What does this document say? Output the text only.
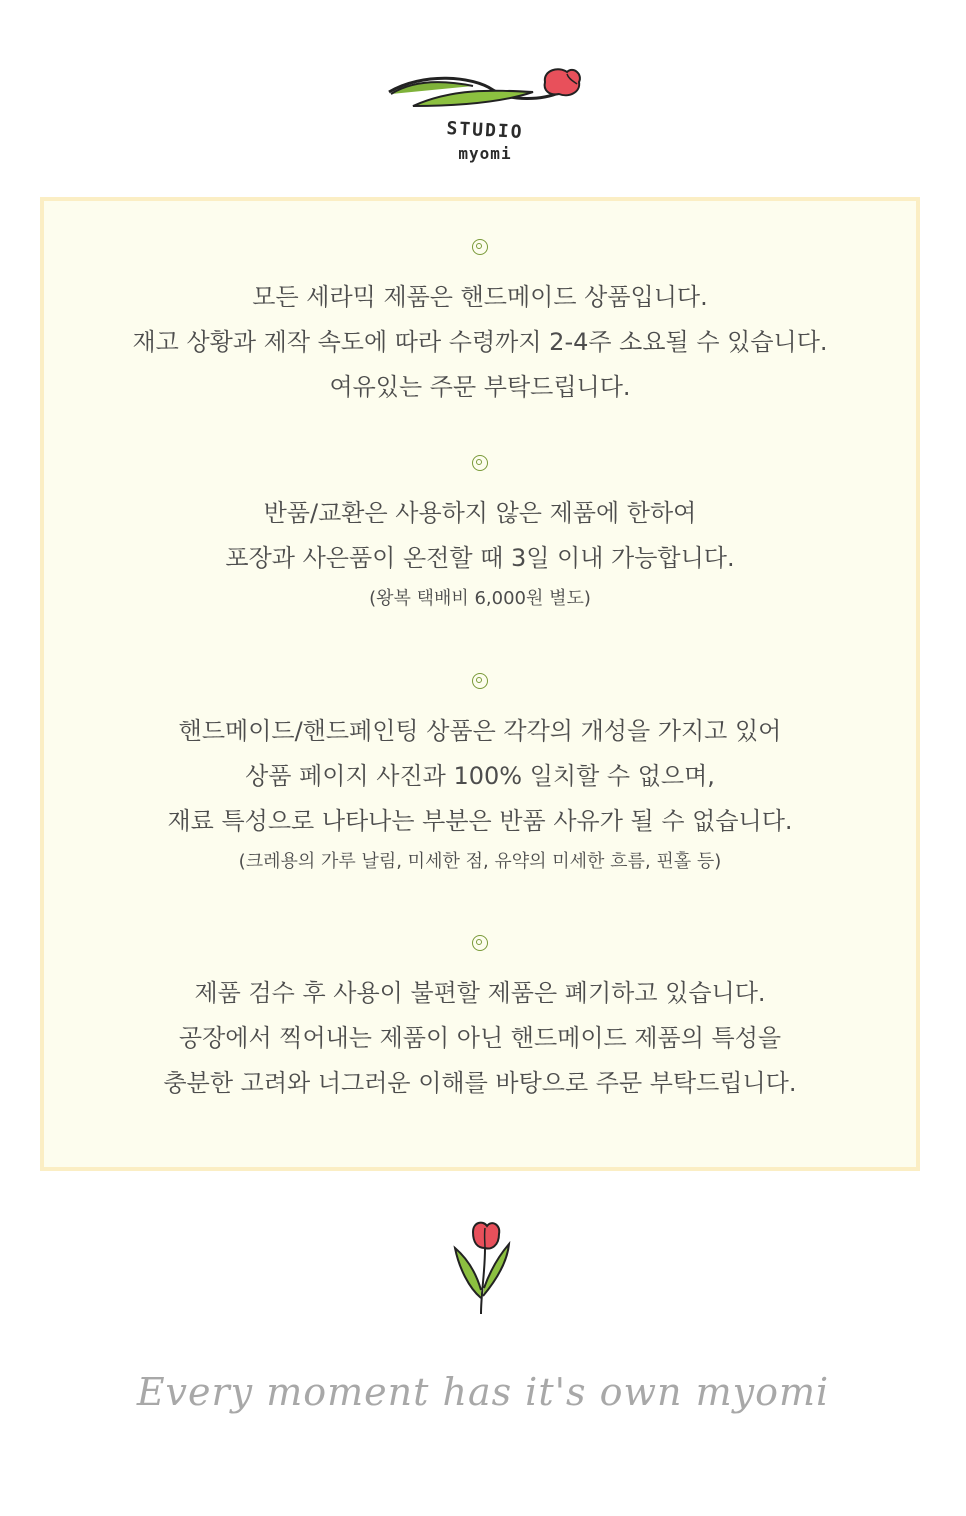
STUDIO
myomi
모든 세라믹 제품은 핸드메이드 상품입니다.
재고 상황과 제작 속도에 따라 수령까지 2-4주 소요될 수 있습니다.
여유있는 주문 부탁드립니다.
반품/교환은 사용하지 않은 제품에 한하여
포장과 사은품이 온전할 때 3일 이내 가능합니다.
(왕복 택배비 6,000원 별도)
핸드메이드/핸드페인팅 상품은 각각의 개성을 가지고 있어
상품 페이지 사진과 100% 일치할 수 없으며,
재료 특성으로 나타나는 부분은 반품 사유가 될 수 없습니다.
(크레용의 가루 날림, 미세한 점, 유약의 미세한 흐름, 핀홀 등)
제품 검수 후 사용이 불편할 제품은 폐기하고 있습니다.
공장에서 찍어내는 제품이 아닌 핸드메이드 제품의 특성을
충분한 고려와 너그러운 이해를 바탕으로 주문 부탁드립니다.
Every moment has it's own myomi
